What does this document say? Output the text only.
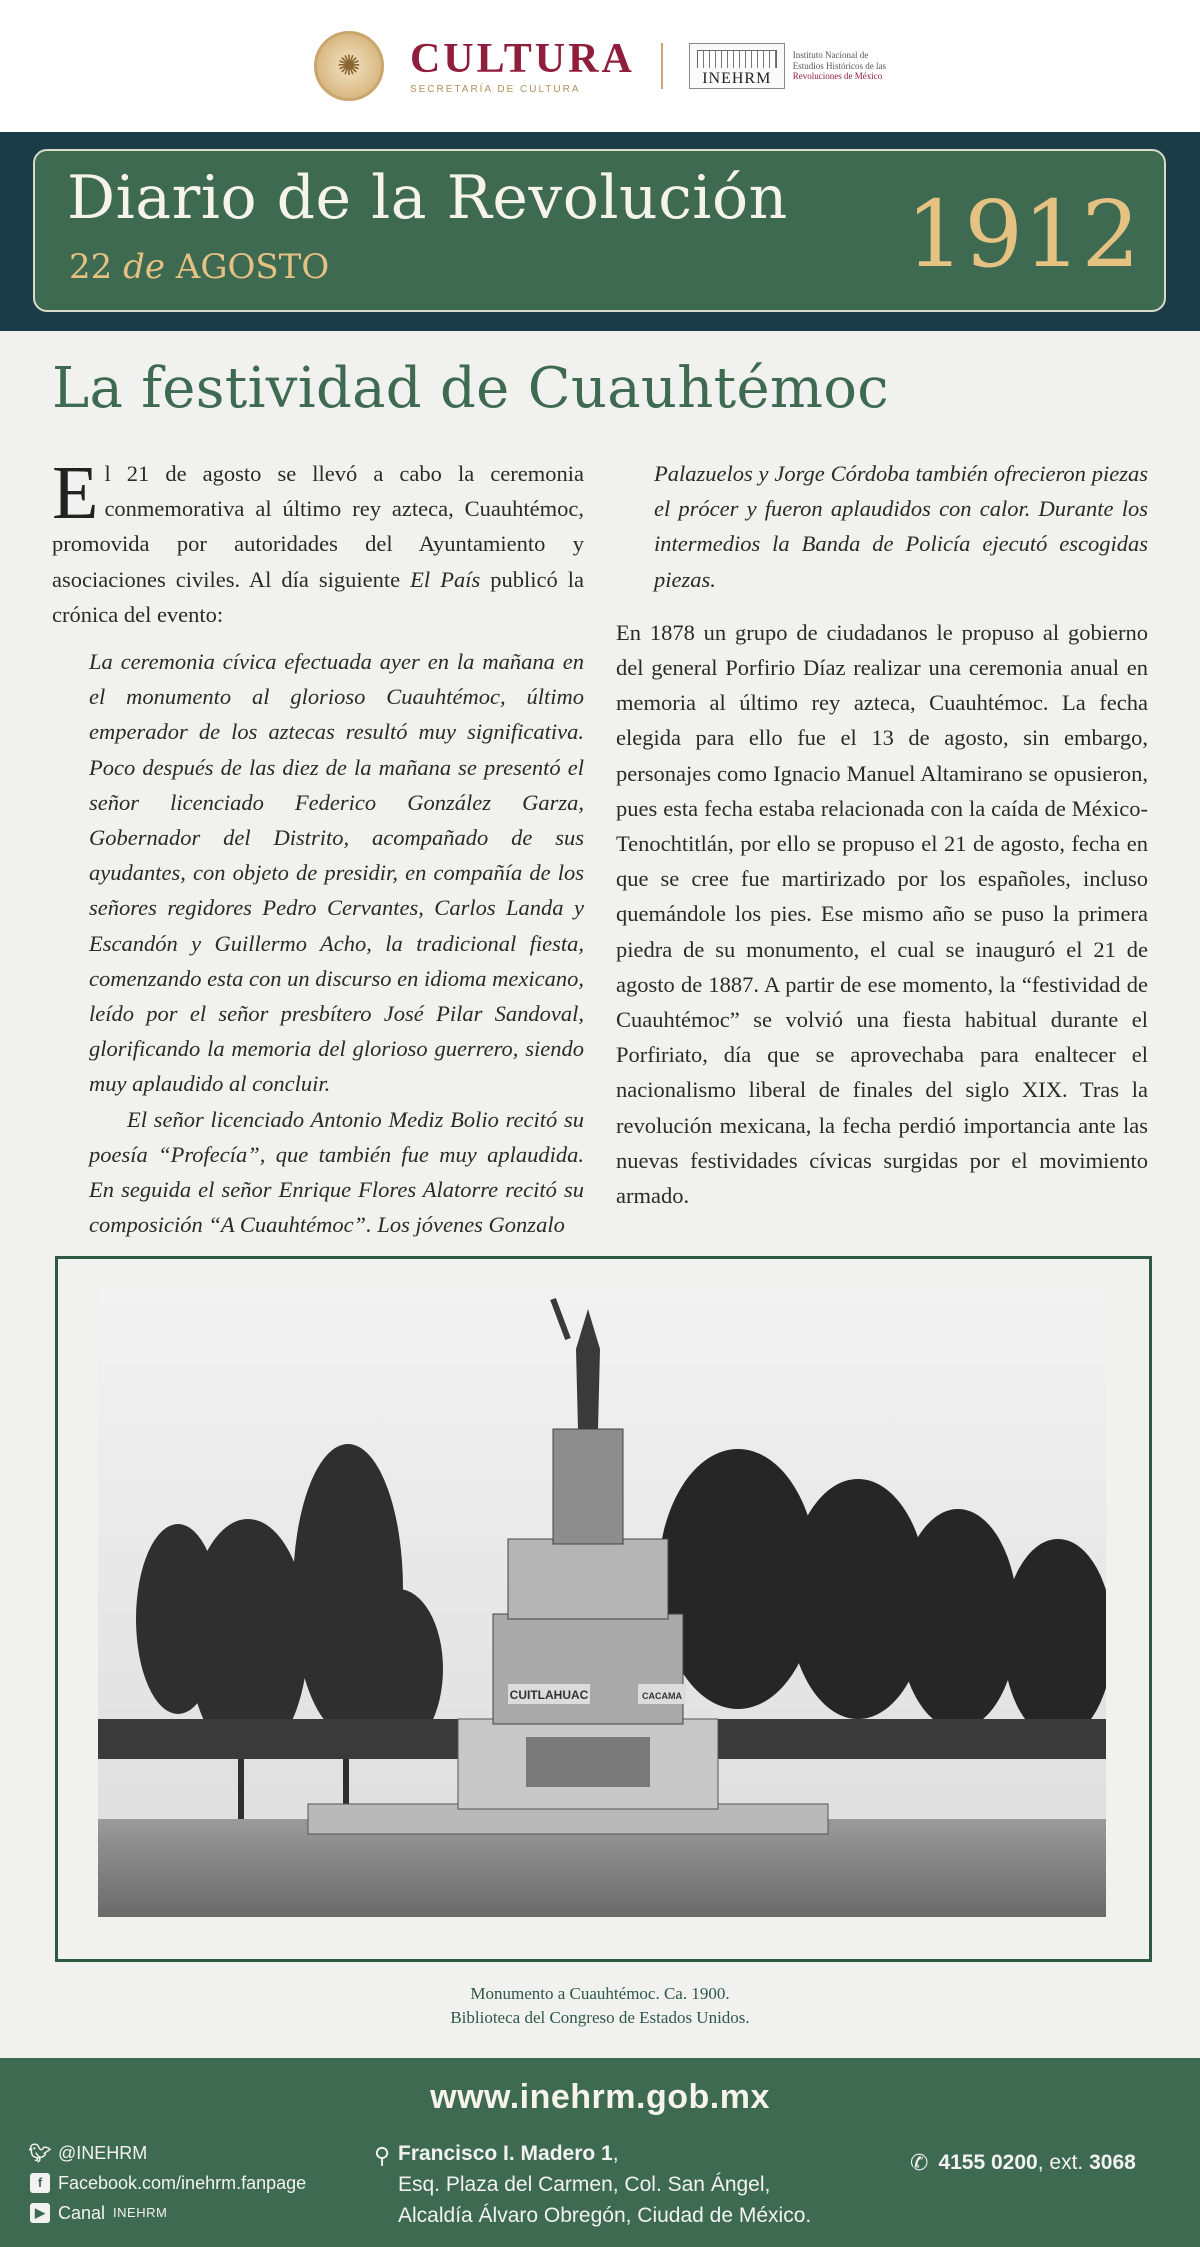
✺	CULTURA
SECRETARÍA DE CULTURA
INEHRM
Instituto Nacional de
Estudios Históricos de las
Revoluciones de México
Diario de la Revolución
22 de AGOSTO	1912
La festividad de Cuauhtémoc

El 21 de agosto se llevó a cabo la ceremonia conmemorativa al último rey azteca, Cuauhtémoc, promovida por autoridades del Ayuntamiento y asociaciones civiles. Al día siguiente El País publicó la crónica del evento:

La ceremonia cívica efectuada ayer en la mañana en el monumento al glorioso Cuauhtémoc, último emperador de los aztecas resultó muy significativa. Poco después de las diez de la mañana se presentó el señor licenciado Federico González Garza, Gobernador del Distrito, acompañado de sus ayudantes, con objeto de presidir, en compañía de los señores regidores Pedro Cervantes, Carlos Landa y Escandón y Guillermo Acho, la tradicional fiesta, comenzando esta con un discurso en idioma mexicano, leído por el señor presbítero José Pilar Sandoval, glorificando la memoria del glorioso guerrero, siendo muy aplaudido al concluir.

El señor licenciado Antonio Mediz Bolio recitó su poesía “Profecía”, que también fue muy aplaudida. En seguida el señor Enrique Flores Alatorre recitó su composición “A Cuauhtémoc”. Los jóvenes Gonzalo

Palazuelos y Jorge Córdoba también ofrecieron piezas el prócer y fueron aplaudidos con calor. Durante los intermedios la Banda de Policía ejecutó escogidas piezas.

En 1878 un grupo de ciudadanos le propuso al gobierno del general Porfirio Díaz realizar una ceremonia anual en memoria al último rey azteca, Cuauhtémoc. La fecha elegida para ello fue el 13 de agosto, sin embargo, personajes como Ignacio Manuel Altamirano se opusieron, pues esta fecha estaba relacionada con la caída de México-Tenochtitlán, por ello se propuso el 21 de agosto, fecha en que se cree fue martirizado por los españoles, incluso quemándole los pies. Ese mismo año se puso la primera piedra de su monumento, el cual se inauguró el 21 de agosto de 1887. A partir de ese momento, la “festividad de Cuauhtémoc” se volvió una fiesta habitual durante el Porfiriato, día que se aprovechaba para enaltecer el nacionalismo liberal de finales del siglo XIX. Tras la revolución mexicana, la fecha perdió importancia ante las nuevas festividades cívicas surgidas por el movimiento armado.

CUITLAHUAC	CACAMA
Monumento a Cuauhtémoc. Ca. 1900.
Biblioteca del Congreso de Estados Unidos.
www.inehrm.gob.mx
🐦︎ @INEHRM
f Facebook.com/inehrm.fanpage
▶ Canal INEHRM
⚲ Francisco I. Madero 1,
Esq. Plaza del Carmen, Col. San Ángel,
Alcaldía Álvaro Obregón, Ciudad de México.
✆ 4155 0200, ext. 3068
